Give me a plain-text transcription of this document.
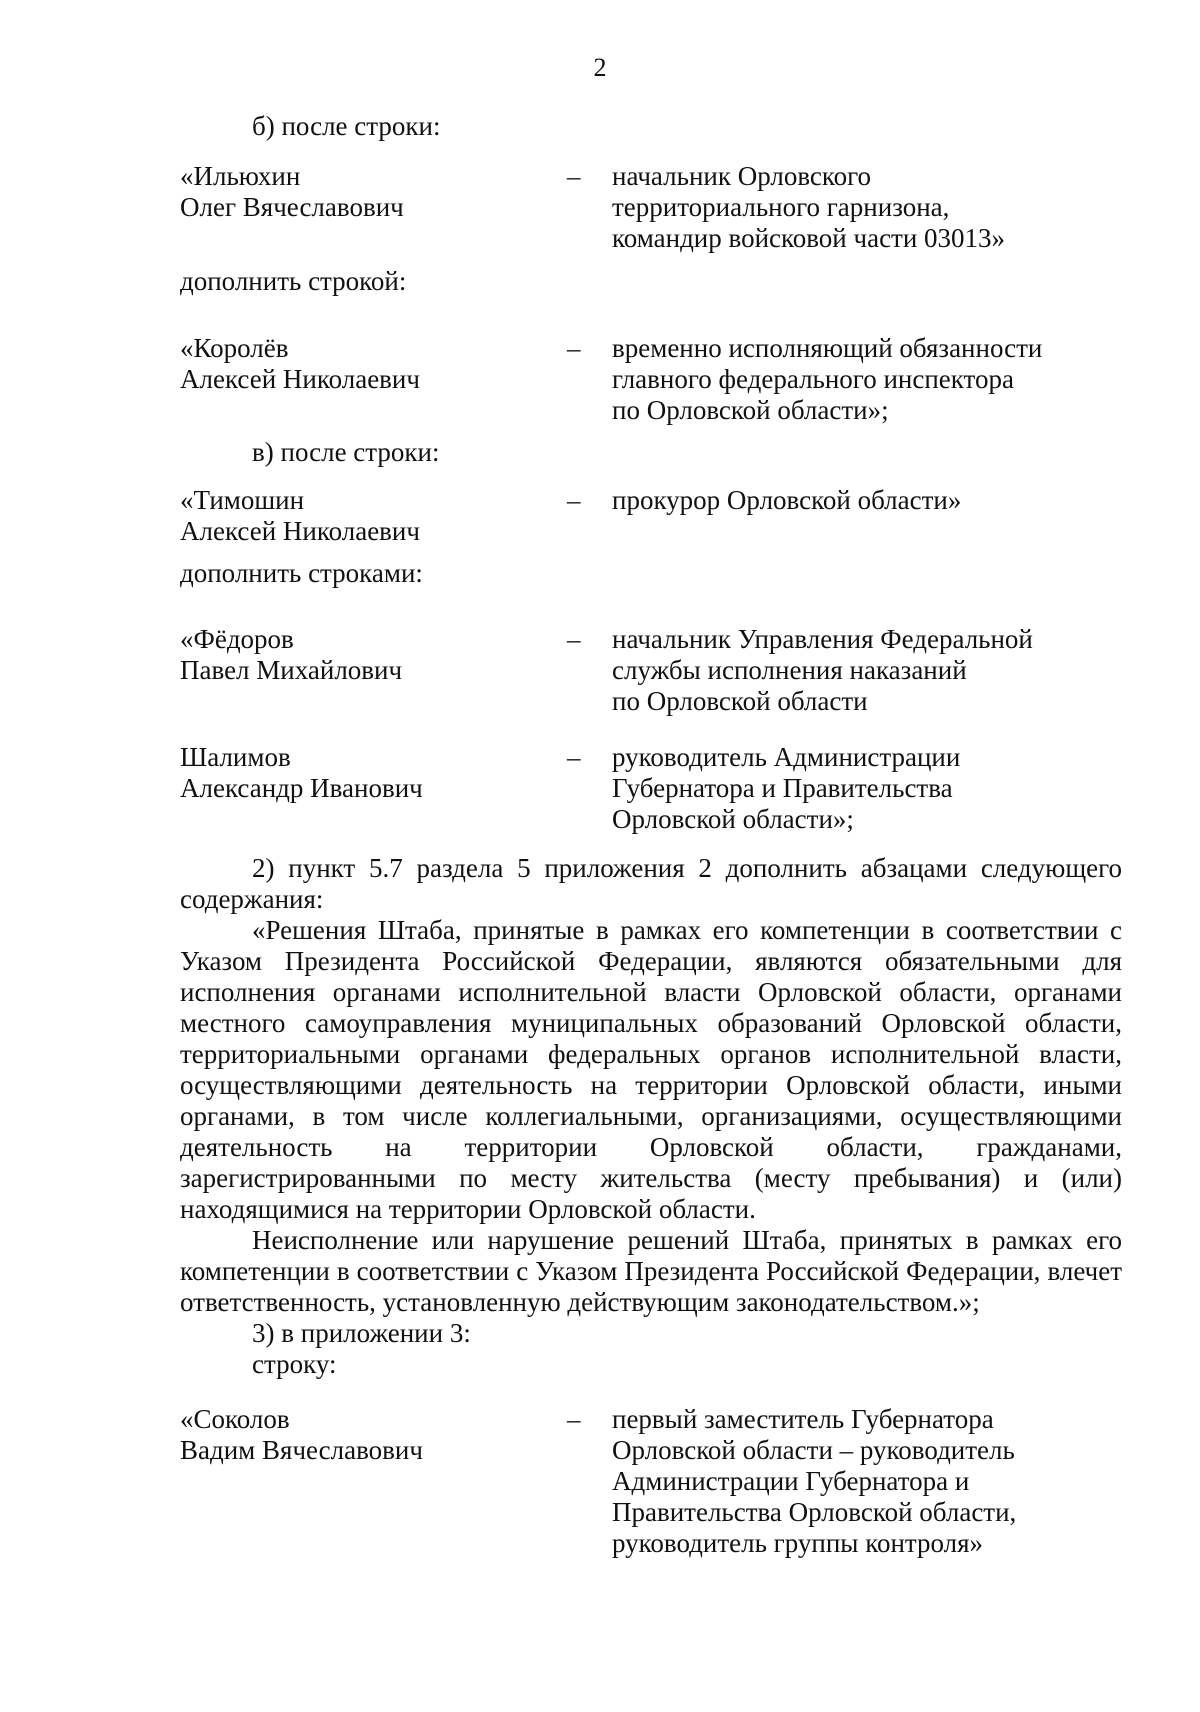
2
б) после строки:
«Ильюхин
Олег Вячеславович
– начальник Орловского
территориального гарнизона,
командир войсковой части 03013»
дополнить строкой:
«Королёв
Алексей Николаевич
– временно исполняющий обязанности
главного федерального инспектора
по Орловской области»;
в) после строки:
«Тимошин
Алексей Николаевич
– прокурор Орловской области»
дополнить строками:
«Фёдоров
Павел Михайлович
– начальник Управления Федеральной
службы исполнения наказаний
по Орловской области
Шалимов
Александр Иванович
– руководитель Администрации
Губернатора и Правительства
Орловской области»;

2) пункт 5.7 раздела 5 приложения 2 дополнить абзацами следующего содержания:

«Решения Штаба, принятые в рамках его компетенции в соответствии с Указом Президента Российской Федерации, являются обязательными для исполнения органами исполнительной власти Орловской области, органами местного самоуправления муниципальных образований Орловской области, территориальными органами федеральных органов исполнительной власти, осуществляющими деятельность на территории Орловской области, иными органами, в том числе коллегиальными, организациями, осуществляющими деятельность на территории Орловской области, гражданами, зарегистрированными по месту жительства (месту пребывания) и (или) находящимися на территории Орловской области.

Неисполнение или нарушение решений Штаба, принятых в рамках его компетенции в соответствии с Указом Президента Российской Федерации, влечет ответственность, установленную действующим законодательством.»;

3) в приложении 3:
строку:
«Соколов
Вадим Вячеславович
– первый заместитель Губернатора
Орловской области – руководитель
Администрации Губернатора и
Правительства Орловской области,
руководитель группы контроля»
